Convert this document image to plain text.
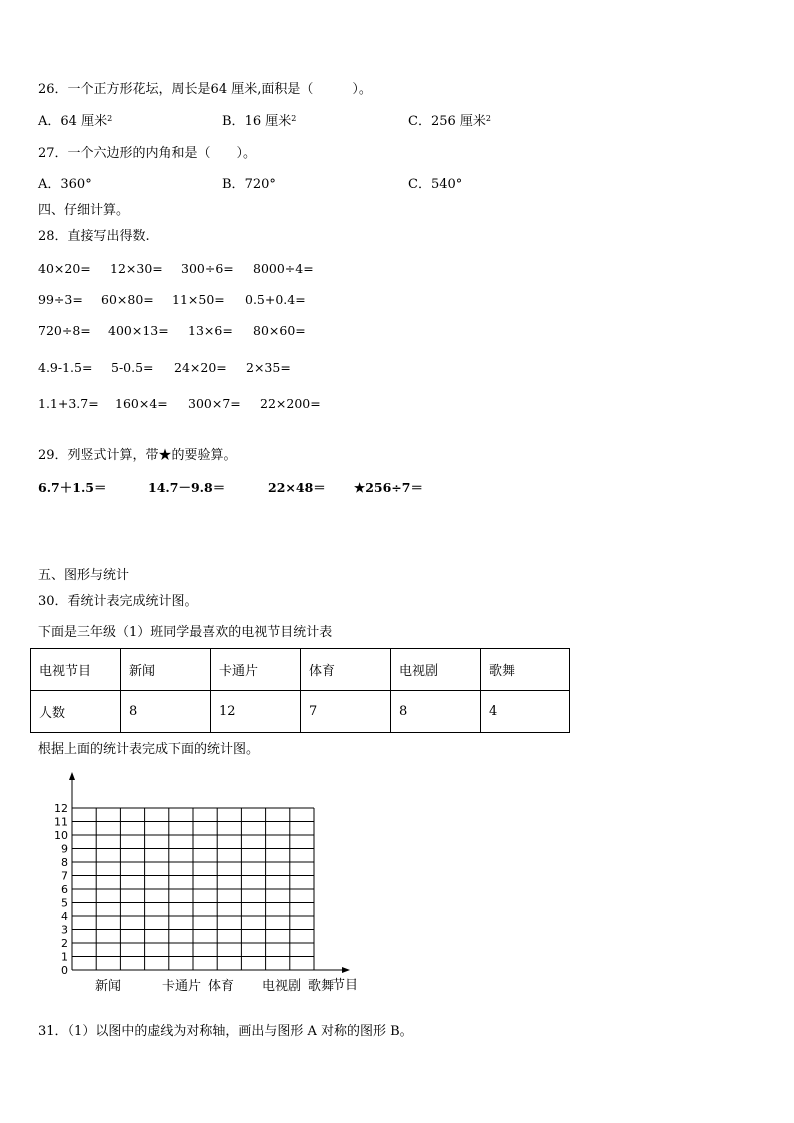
26．一个正方形花坛，周长是64 厘米,面积是（　　　）。
A．64 厘米$^2$	B．16 厘米$^2$	C．256 厘米$^2$
27．一个六边形的内角和是（　　）。
A．360°	B．720°	C．540°
四、仔细计算。
28．直接写出得数.
40×20= 12×30= 300÷6= 8000÷4=
99÷3= 60×80= 11×50= 0.5+0.4=
720÷8= 400×13= 13×6= 80×60=
4.9-1.5= 5-0.5= 24×20= 2×35=
1.1+3.7= 160×4= 300×7= 22×200=
29．列竖式计算，带★的要验算。
6.7＋1.5＝	14.7－9.8＝	22×48＝ ★256÷7＝
五、图形与统计
30．看统计表完成统计图。
下面是三年级（1）班同学最喜欢的电视节目统计表
电视节目	新闻	卡通片	体育	电视剧	歌舞
人数	8	12	7	8	4
根据上面的统计表完成下面的统计图。
0
1
2
3
4
5
6
7
8
9
10
11
12
新闻	卡通片 体育 电视剧 歌舞
节目
31．（1）以图中的虚线为对称轴，画出与图形 A 对称的图形 B。
